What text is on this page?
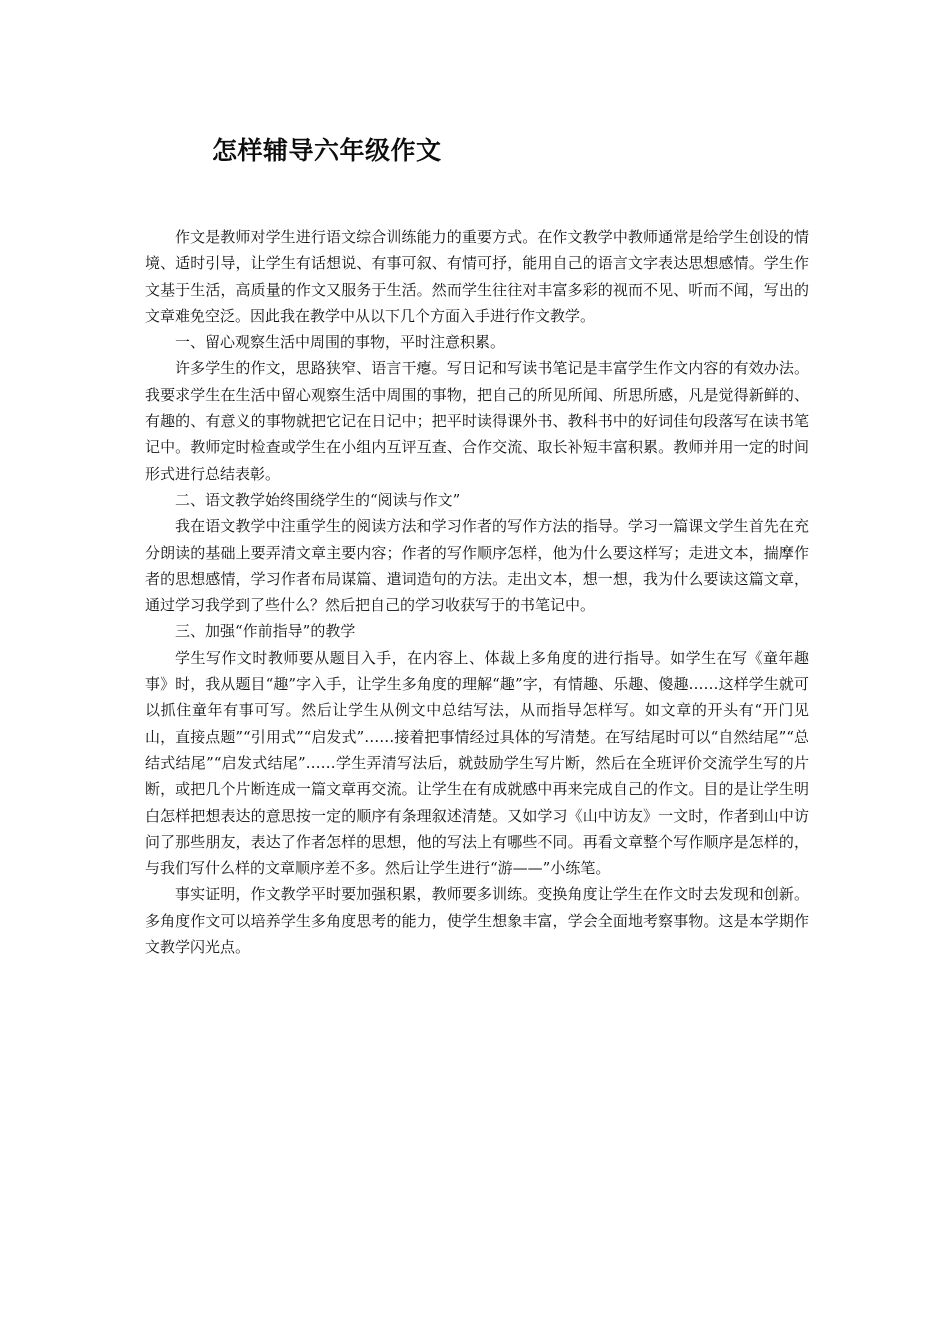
怎样辅导六年级作文

作文是教师对学生进行语文综合训练能力的重要方式。在作文教学中教师通常是给学生创设的情境、适时引导，让学生有话想说、有事可叙、有情可抒，能用自己的语言文字表达思想感情。学生作文基于生活，高质量的作文又服务于生活。然而学生往往对丰富多彩的视而不见、听而不闻，写出的文章难免空泛。因此我在教学中从以下几个方面入手进行作文教学。

一、留心观察生活中周围的事物，平时注意积累。

许多学生的作文，思路狭窄、语言干瘪。写日记和写读书笔记是丰富学生作文内容的有效办法。我要求学生在生活中留心观察生活中周围的事物，把自己的所见所闻、所思所感，凡是觉得新鲜的、有趣的、有意义的事物就把它记在日记中；把平时读得课外书、教科书中的好词佳句段落写在读书笔记中。教师定时检查或学生在小组内互评互查、合作交流、取长补短丰富积累。教师并用一定的时间形式进行总结表彰。

二、语文教学始终围绕学生的“阅读与作文”

我在语文教学中注重学生的阅读方法和学习作者的写作方法的指导。学习一篇课文学生首先在充分朗读的基础上要弄清文章主要内容；作者的写作顺序怎样，他为什么要这样写；走进文本，揣摩作者的思想感情，学习作者布局谋篇、遣词造句的方法。走出文本，想一想，我为什么要读这篇文章，通过学习我学到了些什么？然后把自己的学习收获写于的书笔记中。

三、加强“作前指导”的教学

学生写作文时教师要从题目入手，在内容上、体裁上多角度的进行指导。如学生在写《童年趣事》时，我从题目“趣”字入手，让学生多角度的理解“趣”字，有情趣、乐趣、傻趣……这样学生就可以抓住童年有事可写。然后让学生从例文中总结写法，从而指导怎样写。如文章的开头有“开门见山，直接点题”“引用式”“启发式”……接着把事情经过具体的写清楚。在写结尾时可以“自然结尾”“总结式结尾”“启发式结尾”……学生弄清写法后，就鼓励学生写片断，然后在全班评价交流学生写的片断，或把几个片断连成一篇文章再交流。让学生在有成就感中再来完成自己的作文。目的是让学生明白怎样把想表达的意思按一定的顺序有条理叙述清楚。又如学习《山中访友》一文时，作者到山中访问了那些朋友，表达了作者怎样的思想，他的写法上有哪些不同。再看文章整个写作顺序是怎样的，与我们写什么样的文章顺序差不多。然后让学生进行“游——”小练笔。

事实证明，作文教学平时要加强积累，教师要多训练。变换角度让学生在作文时去发现和创新。多角度作文可以培养学生多角度思考的能力，使学生想象丰富，学会全面地考察事物。这是本学期作文教学闪光点。
